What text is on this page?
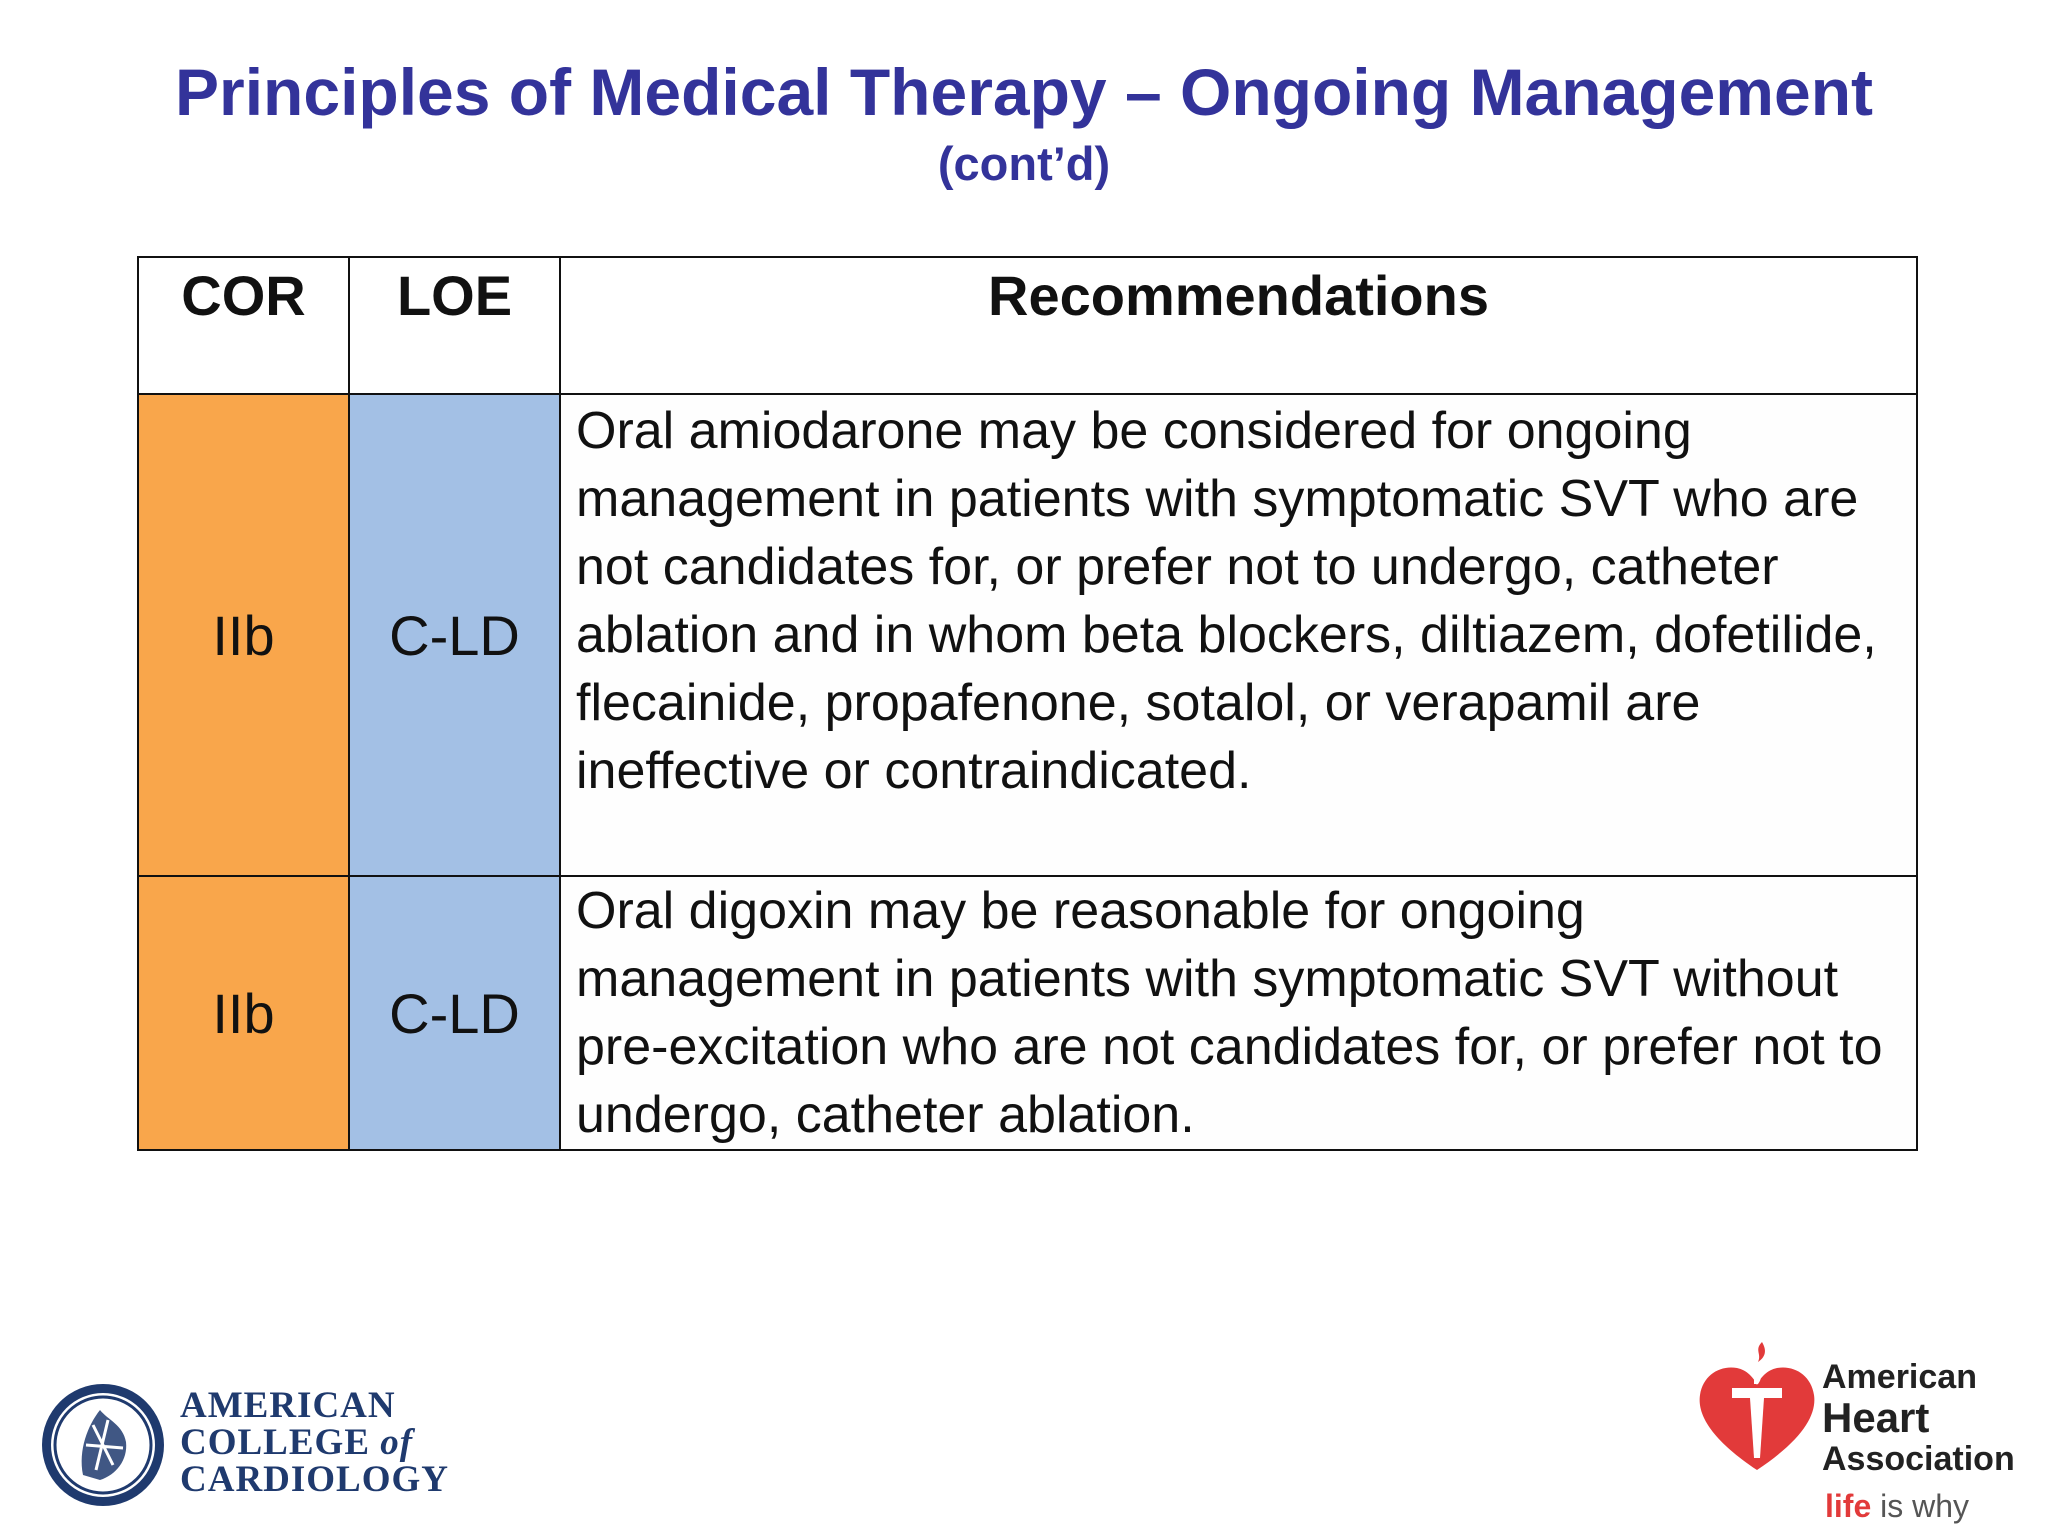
Principles of Medical Therapy – Ongoing Management
(cont’d)
COR	LOE	Recommendations
IIb	C-LD	Oral amiodarone may be considered for ongoing management in patients with symptomatic SVT who are not candidates for, or prefer not to undergo, catheter ablation and in whom beta blockers, diltiazem, dofetilide, flecainide, propafenone, sotalol, or verapamil are ineffective or contraindicated.
IIb	C-LD	Oral digoxin may be reasonable for ongoing management in patients with symptomatic SVT without pre-excitation who are not candidates for, or prefer not to undergo, catheter ablation.
AMERICAN
COLLEGE of
CARDIOLOGY
American
Heart
Association
life is why
